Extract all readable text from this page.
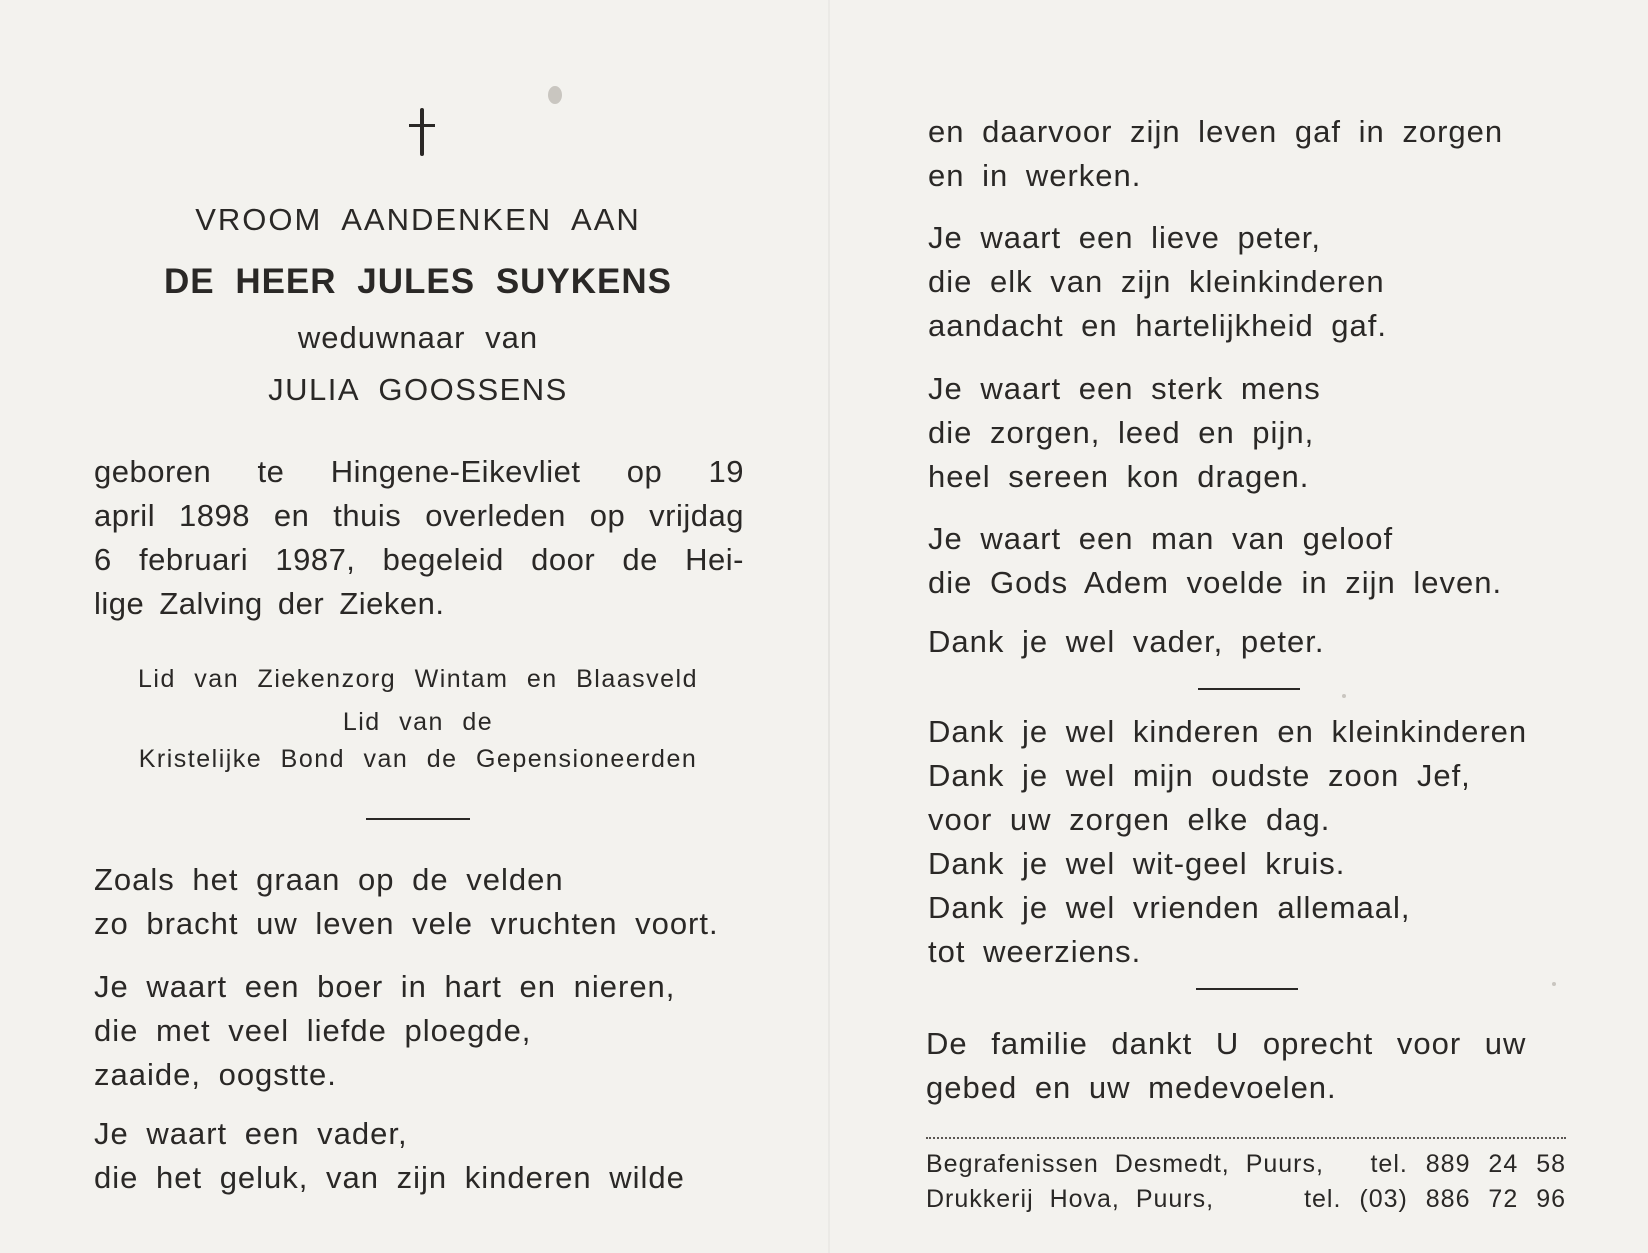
VROOM AANDENKEN AAN
DE HEER JULES SUYKENS
weduwnaar van
JULIA GOOSSENS
geboren te Hingene-Eikevliet op 19
april 1898 en thuis overleden op vrijdag
6 februari 1987, begeleid door de Hei-
lige Zalving der Zieken.
Lid van Ziekenzorg Wintam en Blaasveld
Lid van de
Kristelijke Bond van de Gepensioneerden
Zoals het graan op de velden
zo bracht uw leven vele vruchten voort.
Je waart een boer in hart en nieren,
die met veel liefde ploegde,
zaaide, oogstte.
Je waart een vader,
die het geluk, van zijn kinderen wilde
en daarvoor zijn leven gaf in zorgen
en in werken.
Je waart een lieve peter,
die elk van zijn kleinkinderen
aandacht en hartelijkheid gaf.
Je waart een sterk mens
die zorgen, leed en pijn,
heel sereen kon dragen.
Je waart een man van geloof
die Gods Adem voelde in zijn leven.
Dank je wel vader, peter.
Dank je wel kinderen en kleinkinderen
Dank je wel mijn oudste zoon Jef,
voor uw zorgen elke dag.
Dank je wel wit-geel kruis.
Dank je wel vrienden allemaal,
tot weerziens.
De familie dankt U oprecht voor uw
gebed en uw medevoelen.
Begrafenissen Desmedt, Puurs, tel. 889 24 58
Drukkerij Hova, Puurs,	tel. (03) 886 72 96
